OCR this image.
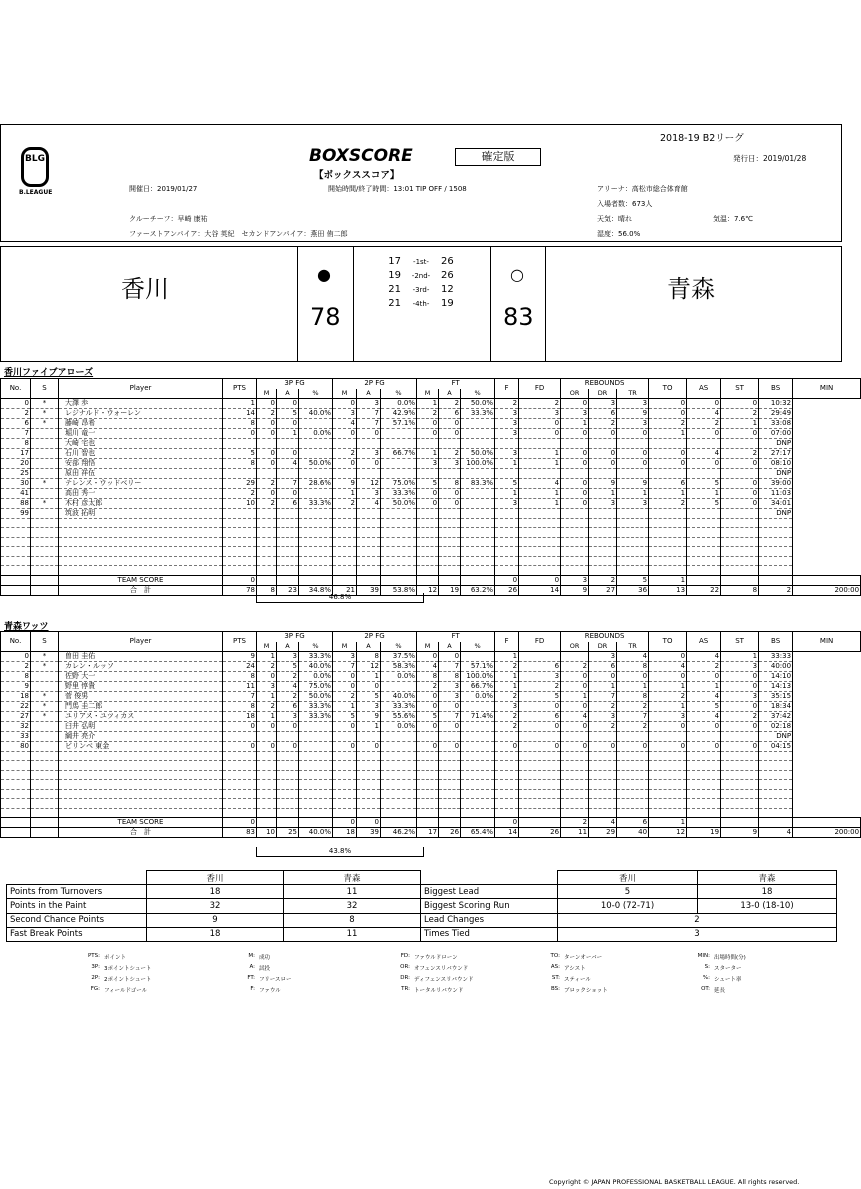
2018-19 B2リーグ
BLG
B.LEAGUE
BOXSCORE
【ボックススコア】
発行日：2019/01/28
開催日：2019/01/27	開始時間/終了時間：13:01 TIP OFF / 1508	アリーナ：高松市総合体育館
入場者数：673人
クルーチーフ：早崎 康祐	天気：晴れ	気温：7.6℃
ファーストアンパイア：大谷 英紀　セカンドアンパイア：燕田 侑二郎	湿度：56.0%
確定版
香川	青森
●	○
78	83
17 -1st- 26
19 -2nd- 26
21 -3rd- 12
21 -4th- 19
香川ファイブアローズ
No.	S	Player	PTS	3P FG			2P FG			FT			F	FD	REBOUNDS			TO	AS	ST	BS	MIN
				M	A	%	M	A	%	M	A	%			OR	DR	TR					
0	*	大澤 歩	1	0	0		0	3	0.0%	1	2	50.0%	2	2	0	3	3	0	0	0	10:32	
2	*	レジナルド・ウォーレン	14	2	5	40.0%	3	7	42.9%	2	6	33.3%	3	3	3	6	9	0	4	2	29:49	
6	*	藤崎 昂希	8	0	0		4	7	57.1%	0	0		3	0	1	2	3	2	2	1	33:08	
7		堀川 竜一	0	0	1	0.0%	0	0		0	0		3	0	0	0	0	1	0	0	07:00	
8		大崎 宅也																			DNP	
17		石川 智也	5	0	0		2	3	66.7%	1	2	50.0%	3	1	0	0	0	0	4	2	27:17	
20		安部 翔悟	8	0	4	50.0%	0	0		3	3	100.0%	1	1	0	0	0	0	0	0	08:10	
25		原田 祥伍																			DNP	
30	*	テレンス・ウッドベリー	29	2	7	28.6%	9	12	75.0%	5	8	83.3%	5	4	0	9	9	6	5	0	39:00	
41		高田 秀一	2	0	0		1	3	33.3%	0	0		1	1	0	1	1	1	1	0	11:03	
88	*	木村 彦太郎	10	2	6	33.3%	2	4	50.0%	0	0		3	1	0	3	3	2	5	0	34:01	
99		筑波 拓明																			DNP	

		TEAM SCORE	0										0	0	3	2	5	1				
		合　計	78	8	23	34.8%	21	39	53.8%	12	19	63.2%	26	14	9	27	36	13	22	8	2	200:00
46.8%
青森ワッツ
No.	S	Player	PTS	3P FG			2P FG			FT			F	FD	REBOUNDS			TO	AS	ST	BS	MIN
				M	A	%	M	A	%	M	A	%			OR	DR	TR					
0	*	曽田 圭佑	9	1	3	33.3%	3	8	37.5%	0	0		1			3	4	0	4	1	33:33	
2	*	カレン・ルッソ	24	2	5	40.0%	7	12	58.3%	4	7	57.1%	2	6	2	6	8	4	2	3	40:00	
8		佐野 大一	8	0	2	0.0%	0	1	0.0%	8	8	100.0%	1	3	0	0	0	0	0	0	14:10	
9		野里 惇貴	11	3	4	75.0%	0	0		2	3	66.7%	1	2	0	1	1	1	1	0	14:13	
18	*	菅 俊男	7	1	2	50.0%	2	5	40.0%	0	3	0.0%	2	5	1	7	8	2	4	3	35:15	
22	*	門馬 圭二郎	8	2	6	33.3%	1	3	33.3%	0	0		3	0	0	2	2	1	5	0	18:34	
27	*	ユリアス・ユツィカス	18	1	3	33.3%	5	9	55.6%	5	7	71.4%	2	6	4	3	7	3	4	2	37:42	
32		臼井 弘明	0	0	0		0	1	0.0%	0	0		2	0	0	2	2	0	0	0	02:18	
33		綱井 亮介																			DNP	
80		ビリンベ 東金	0	0	0		0	0		0	0		0	0	0	0	0	0	0	0	04:15	

		TEAM SCORE	0				0	0					0		2	4	6	1				
		合　計	83	10	25	40.0%	18	39	46.2%	17	26	65.4%	14	26	11	29	40	12	19	9	4	200:00
43.8%
	香川	青森		香川	青森
Points from Turnovers	18	11	Biggest Lead	5	18
Points in the Paint	32	32	Biggest Scoring Run	10-0 (72-71)	13-0 (18-10)
Second Chance Points	9	8	Lead Changes	2	
Fast Break Points	18	11	Times Tied	3	
PTS: ポイント
3P: 3ポイントシュート
2P: 2ポイントシュート
FG: フィールドゴール
M: 成功
A: 試投
FT: フリースロー
F: ファウル
FD: ファウルドローン
OR: オフェンスリバウンド
DR: ディフェンスリバウンド
TR: トータルリバウンド
TO: ターンオーバー
AS: アシスト
ST: スティール
BS: ブロックショット
MIN: 出場時間(分)
S: スターター
%: シュート率
OT: 延長
Copyright © JAPAN PROFESSIONAL BASKETBALL LEAGUE. All rights reserved.
